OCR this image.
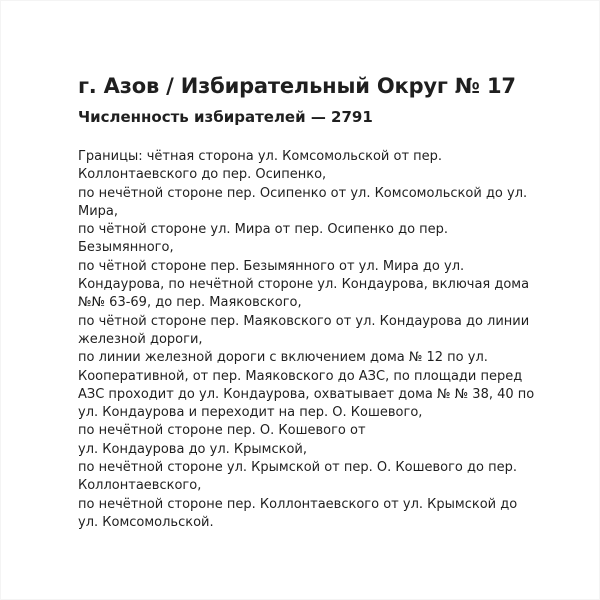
г. Азов / Избирательный Округ № 17
Численность избирателей — 2791
Границы: чётная сторона ул. Комсомольской от пер.
Коллонтаевского до пер. Осипенко,
по нечётной стороне пер. Осипенко от ул. Комсомольской до ул.
Мира,
по чётной стороне ул. Мира от пер. Осипенко до пер.
Безымянного,
по чётной стороне пер. Безымянного от ул. Мира до ул.
Кондаурова, по нечётной стороне ул. Кондаурова, включая дома
№№ 63-69, до пер. Маяковского,
по чётной стороне пер. Маяковского от ул. Кондаурова до линии
железной дороги,
по линии железной дороги с включением дома № 12 по ул.
Кооперативной, от пер. Маяковского до АЗС, по площади перед
АЗС проходит до ул. Кондаурова, охватывает дома № № 38, 40 по
ул. Кондаурова и переходит на пер. О. Кошевого,
по нечётной стороне пер. О. Кошевого от
ул. Кондаурова до ул. Крымской,
по нечётной стороне ул. Крымской от пер. О. Кошевого до пер.
Коллонтаевского,
по нечётной стороне пер. Коллонтаевского от ул. Крымской до
ул. Комсомольской.
